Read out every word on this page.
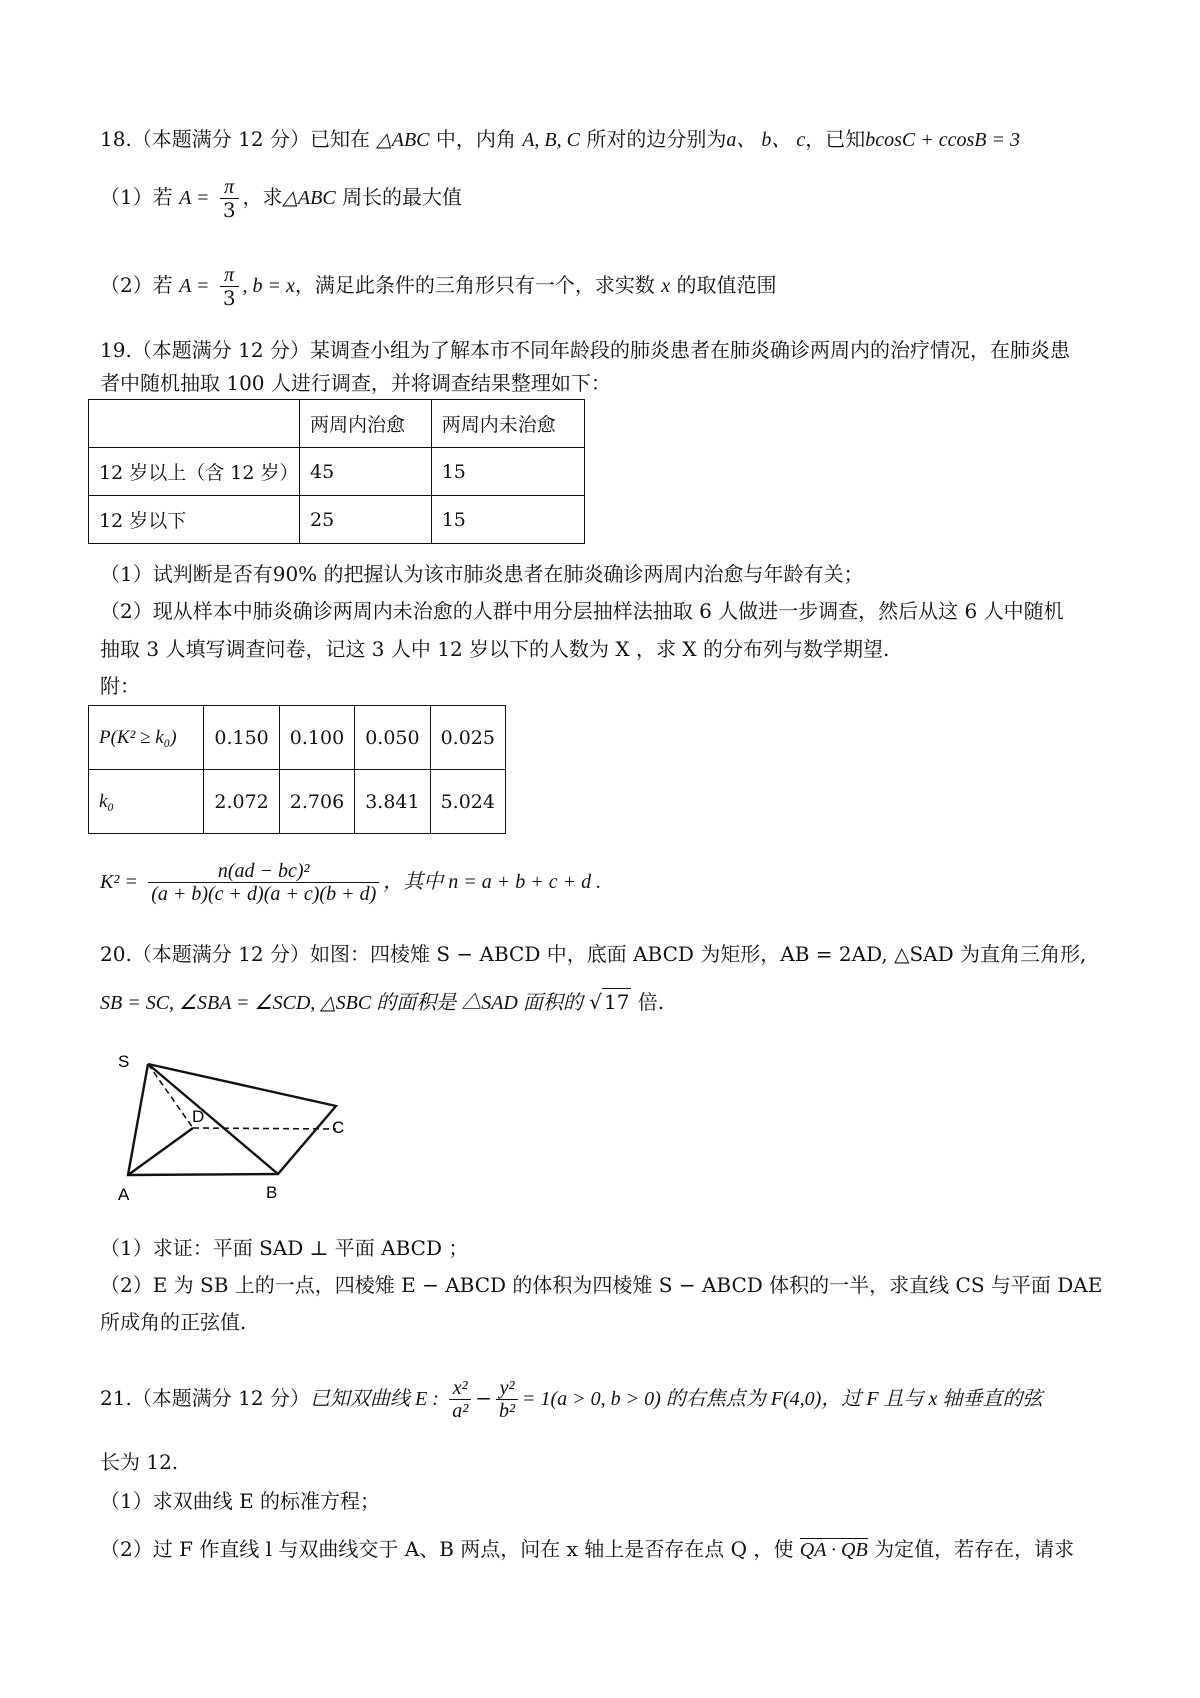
18.（本题满分 12 分）已知在 △ABC 中，内角 A, B, C 所对的边分别为a、 b、 c，已知bcosC + ccosB = 3
（1）若 $A = \frac{\pi}{3}$ ，求△ABC 周长的最大值
（2）若 $A = \frac{\pi}{3}$ , b = x，满足此条件的三角形只有一个，求实数 x 的取值范围
19.（本题满分 12 分）某调查小组为了解本市不同年龄段的肺炎患者在肺炎确诊两周内的治疗情况，在肺炎患
者中随机抽取 100 人进行调查，并将调查结果整理如下：
	两周内治愈	两周内未治愈
12 岁以上（含 12 岁）	45	15
12 岁以下	25	15
（1）试判断是否有90% 的把握认为该市肺炎患者在肺炎确诊两周内治愈与年龄有关；
（2）现从样本中肺炎确诊两周内未治愈的人群中用分层抽样法抽取 6 人做进一步调查，然后从这 6 人中随机
抽取 3 人填写调查问卷，记这 3 人中 12 岁以下的人数为 X ，求 X 的分布列与数学期望.
附：
P(K² ≥ k₀)	0.150	0.100	0.050	0.025
k₀	2.072	2.706	3.841	5.024
$K^2 = \frac{\text{n(ad − bc)²}}{(a + b)(c + d)(a + c)(b + d)}$ ，其中 n = a + b + c + d .
20.（本题满分 12 分）如图：四棱雉 S − ABCD 中，底面 ABCD 为矩形，AB = 2AD, △SAD 为直角三角形,
SB = SC, ∠SBA = ∠SCD, △SBC 的面积是 △SAD 面积的 √ 17 倍.
S
D
C
A	B
（1）求证：平面 SAD ⊥ 平面 ABCD ；
（2）E 为 SB 上的一点，四棱雉 E − ABCD 的体积为四棱雉 S − ABCD 体积的一半，求直线 CS 与平面 DAE
所成角的正弦值.
21.（本题满分 12 分）已知双曲线 E : $\frac{\text{x²}}{\text{a²}} - \frac{\text{y²}}{\text{b²}} = 1(a > 0$, b > 0) 的右焦点为 F(4,0)，过 F 且与 x 轴垂直的弦
长为 12.
（1）求双曲线 E 的标准方程；
（2）过 F 作直线 l 与双曲线交于 A、B 两点，问在 x 轴上是否存在点 Q ，使 QA · QB 为定值，若存在，请求
